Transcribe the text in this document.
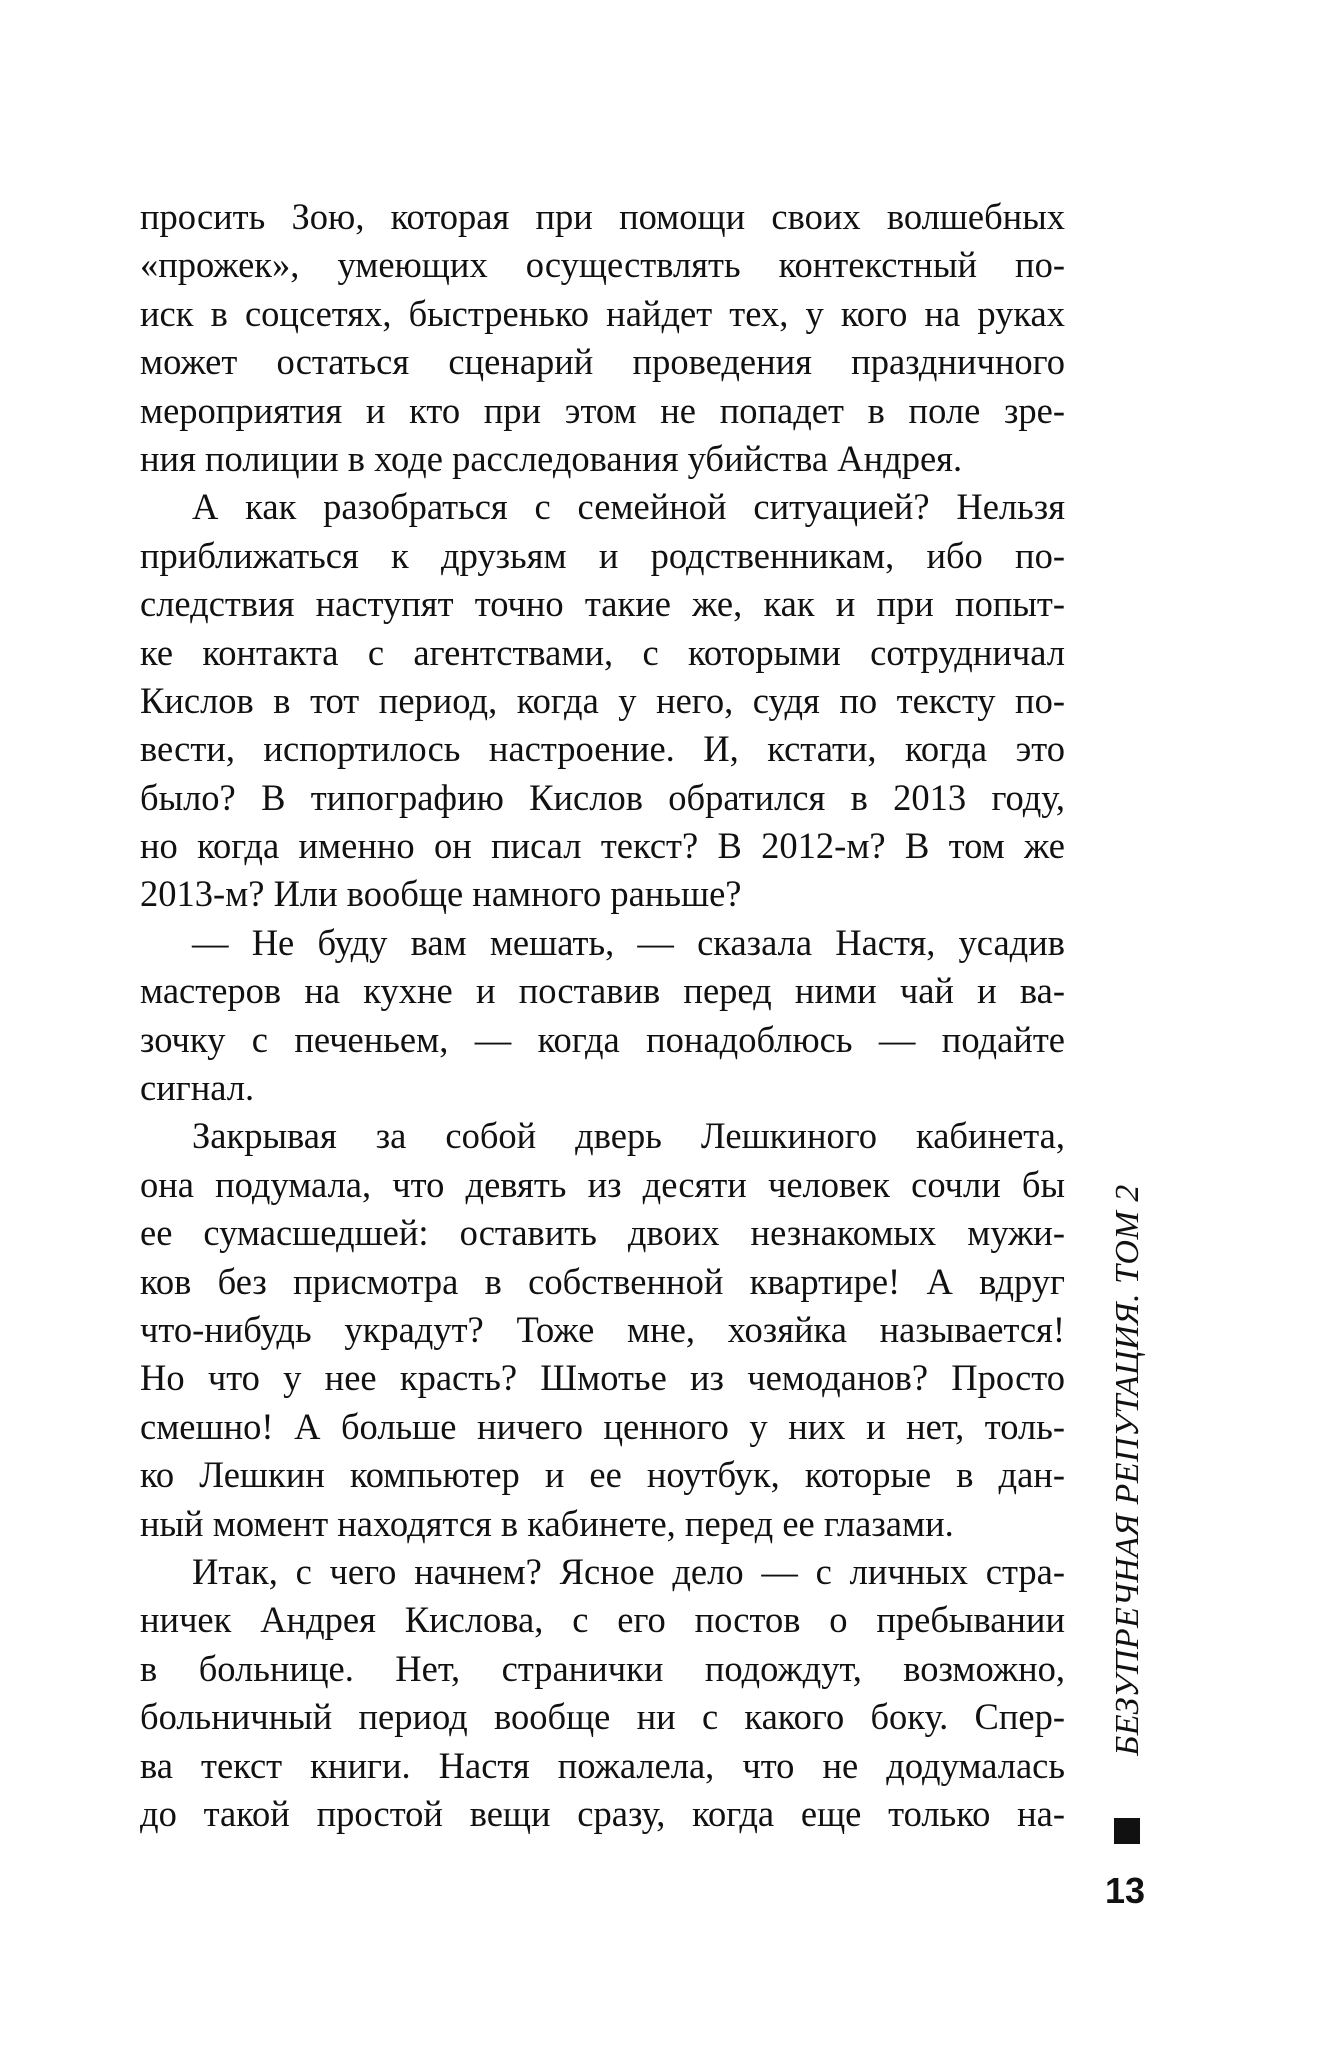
просить Зою, которая при помощи своих волшебных
«прожек», умеющих осуществлять контекстный по-
иск в соцсетях, быстренько найдет тех, у кого на руках
может остаться сценарий проведения праздничного
мероприятия и кто при этом не попадет в поле зре-
ния полиции в ходе расследования убийства Андрея.
А как разобраться с семейной ситуацией? Нельзя
приближаться к друзьям и родственникам, ибо по-
следствия наступят точно такие же, как и при попыт-
ке контакта с агентствами, с которыми сотрудничал
Кислов в тот период, когда у него, судя по тексту по-
вести, испортилось настроение. И, кстати, когда это
было? В типографию Кислов обратился в 2013 году,
но когда именно он писал текст? В 2012-м? В том же
2013-м? Или вообще намного раньше?
— Не буду вам мешать, — сказала Настя, усадив
мастеров на кухне и поставив перед ними чай и ва-
зочку с печеньем, — когда понадоблюсь — подайте
сигнал.
Закрывая за собой дверь Лешкиного кабинета,
она подумала, что девять из десяти человек сочли бы
ее сумасшедшей: оставить двоих незнакомых мужи-
ков без присмотра в собственной квартире! А вдруг
что-нибудь украдут? Тоже мне, хозяйка называется!
Но что у нее красть? Шмотье из чемоданов? Просто
смешно! А больше ничего ценного у них и нет, толь-
ко Лешкин компьютер и ее ноутбук, которые в дан-
ный момент находятся в кабинете, перед ее глазами.
Итак, с чего начнем? Ясное дело — с личных стра-
ничек Андрея Кислова, с его постов о пребывании
в больнице. Нет, странички подождут, возможно,
больничный период вообще ни с какого боку. Спер-
ва текст книги. Настя пожалела, что не додумалась
до такой простой вещи сразу, когда еще только на-
БЕЗУПРЕЧНАЯ РЕПУТАЦИЯ. ТОМ 2
13
